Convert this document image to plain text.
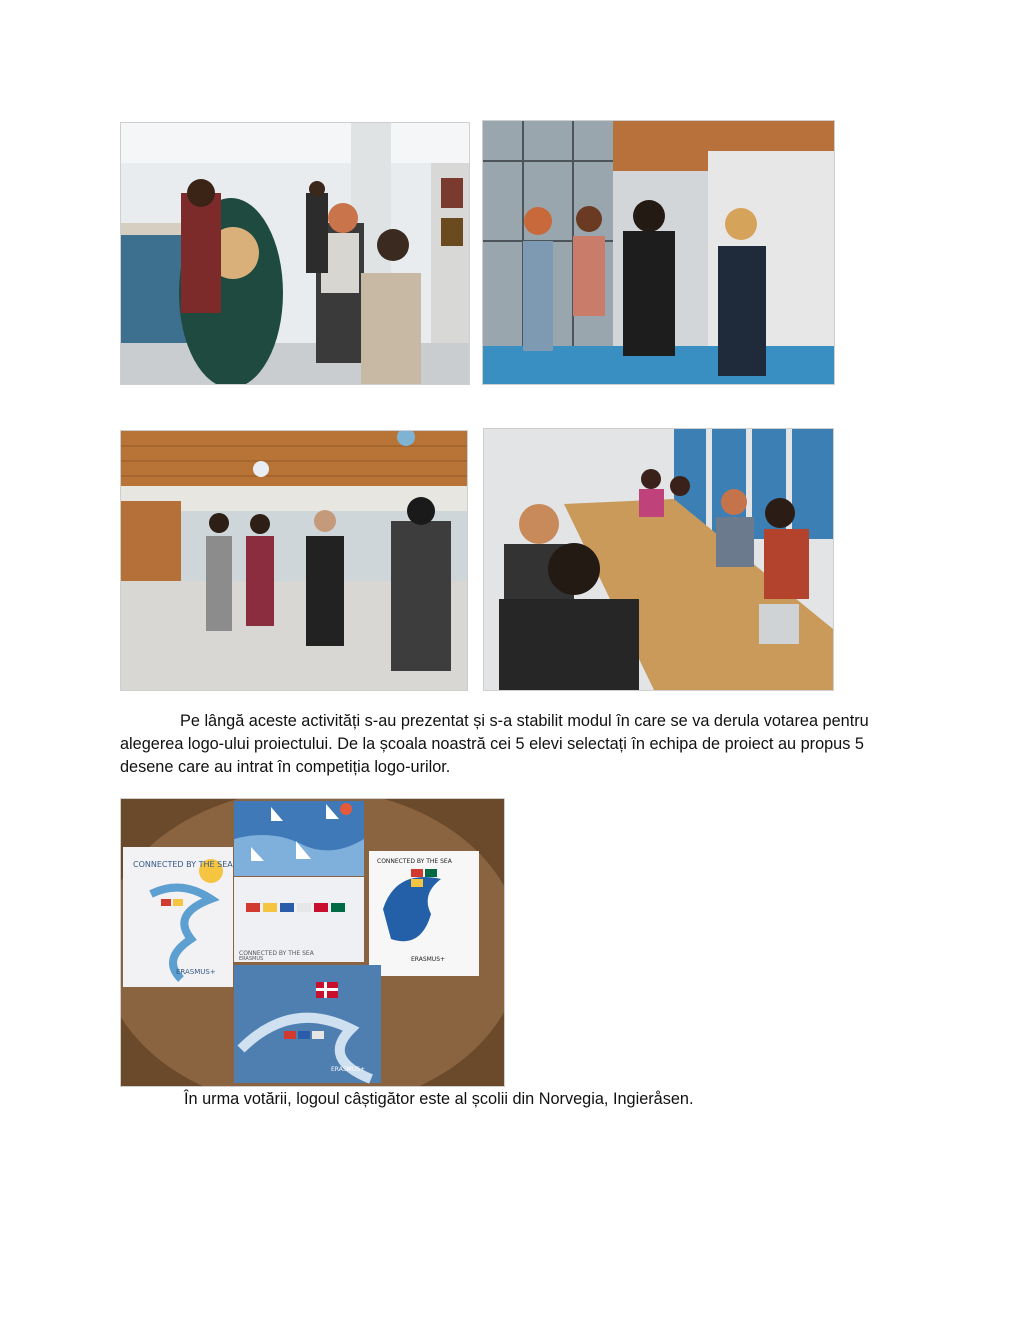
Pe lângă aceste activități s-au prezentat și s-a stabilit modul în care se va derula votarea pentru alegerea logo-ului proiectului. De la școala noastră cei 5 elevi selectați în echipa de proiect au propus 5 desene care au intrat în competiția logo-urilor.

CONNECTED BY THE SEA
ERASMUS+
CONNECTED BY THE SEA
ERASMUS
CONNECTED BY THE SEA
ERASMUS+
ERASMUS+

În urma votării, logoul câștigător este al școlii din Norvegia, Ingieråsen.
